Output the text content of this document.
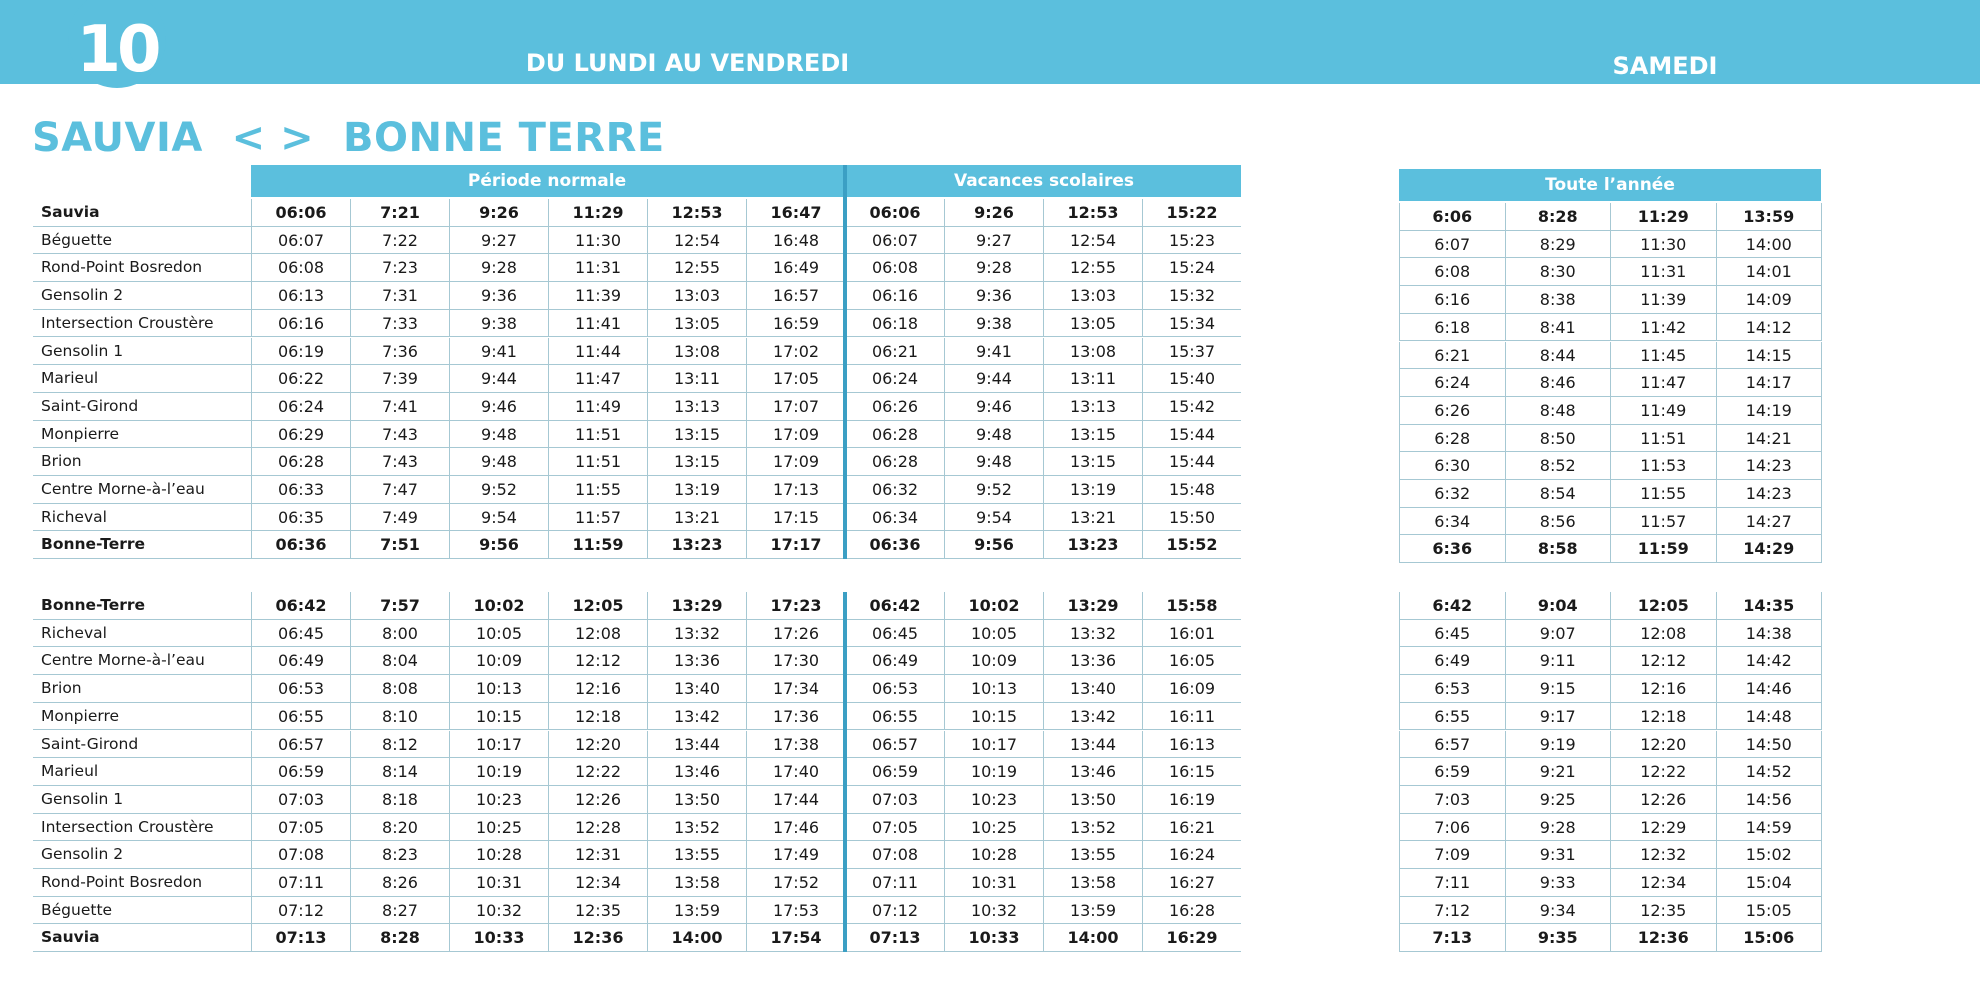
10	DU LUNDI AU VENDREDI	SAMEDI
SAUVIA  < >  BONNE TERRE
Période normale	Vacances scolaires
Sauvia	06:06	7:21	9:26	11:29	12:53	16:47	06:06	9:26	12:53	15:22
Béguette	06:07	7:22	9:27	11:30	12:54	16:48	06:07	9:27	12:54	15:23
Rond-Point Bosredon	06:08	7:23	9:28	11:31	12:55	16:49	06:08	9:28	12:55	15:24
Gensolin 2	06:13	7:31	9:36	11:39	13:03	16:57	06:16	9:36	13:03	15:32
Intersection Croustère	06:16	7:33	9:38	11:41	13:05	16:59	06:18	9:38	13:05	15:34
Gensolin 1	06:19	7:36	9:41	11:44	13:08	17:02	06:21	9:41	13:08	15:37
Marieul	06:22	7:39	9:44	11:47	13:11	17:05	06:24	9:44	13:11	15:40
Saint-Girond	06:24	7:41	9:46	11:49	13:13	17:07	06:26	9:46	13:13	15:42
Monpierre	06:29	7:43	9:48	11:51	13:15	17:09	06:28	9:48	13:15	15:44
Brion	06:28	7:43	9:48	11:51	13:15	17:09	06:28	9:48	13:15	15:44
Centre Morne-à-l’eau	06:33	7:47	9:52	11:55	13:19	17:13	06:32	9:52	13:19	15:48
Richeval	06:35	7:49	9:54	11:57	13:21	17:15	06:34	9:54	13:21	15:50
Bonne-Terre	06:36	7:51	9:56	11:59	13:23	17:17	06:36	9:56	13:23	15:52
Toute l’année
6:06	8:28	11:29	13:59
6:07	8:29	11:30	14:00
6:08	8:30	11:31	14:01
6:16	8:38	11:39	14:09
6:18	8:41	11:42	14:12
6:21	8:44	11:45	14:15
6:24	8:46	11:47	14:17
6:26	8:48	11:49	14:19
6:28	8:50	11:51	14:21
6:30	8:52	11:53	14:23
6:32	8:54	11:55	14:23
6:34	8:56	11:57	14:27
6:36	8:58	11:59	14:29
Bonne-Terre	06:42	7:57	10:02	12:05	13:29	17:23	06:42	10:02	13:29	15:58
Richeval	06:45	8:00	10:05	12:08	13:32	17:26	06:45	10:05	13:32	16:01
Centre Morne-à-l’eau	06:49	8:04	10:09	12:12	13:36	17:30	06:49	10:09	13:36	16:05
Brion	06:53	8:08	10:13	12:16	13:40	17:34	06:53	10:13	13:40	16:09
Monpierre	06:55	8:10	10:15	12:18	13:42	17:36	06:55	10:15	13:42	16:11
Saint-Girond	06:57	8:12	10:17	12:20	13:44	17:38	06:57	10:17	13:44	16:13
Marieul	06:59	8:14	10:19	12:22	13:46	17:40	06:59	10:19	13:46	16:15
Gensolin 1	07:03	8:18	10:23	12:26	13:50	17:44	07:03	10:23	13:50	16:19
Intersection Croustère	07:05	8:20	10:25	12:28	13:52	17:46	07:05	10:25	13:52	16:21
Gensolin 2	07:08	8:23	10:28	12:31	13:55	17:49	07:08	10:28	13:55	16:24
Rond-Point Bosredon	07:11	8:26	10:31	12:34	13:58	17:52	07:11	10:31	13:58	16:27
Béguette	07:12	8:27	10:32	12:35	13:59	17:53	07:12	10:32	13:59	16:28
Sauvia	07:13	8:28	10:33	12:36	14:00	17:54	07:13	10:33	14:00	16:29
6:42	9:04	12:05	14:35
6:45	9:07	12:08	14:38
6:49	9:11	12:12	14:42
6:53	9:15	12:16	14:46
6:55	9:17	12:18	14:48
6:57	9:19	12:20	14:50
6:59	9:21	12:22	14:52
7:03	9:25	12:26	14:56
7:06	9:28	12:29	14:59
7:09	9:31	12:32	15:02
7:11	9:33	12:34	15:04
7:12	9:34	12:35	15:05
7:13	9:35	12:36	15:06
